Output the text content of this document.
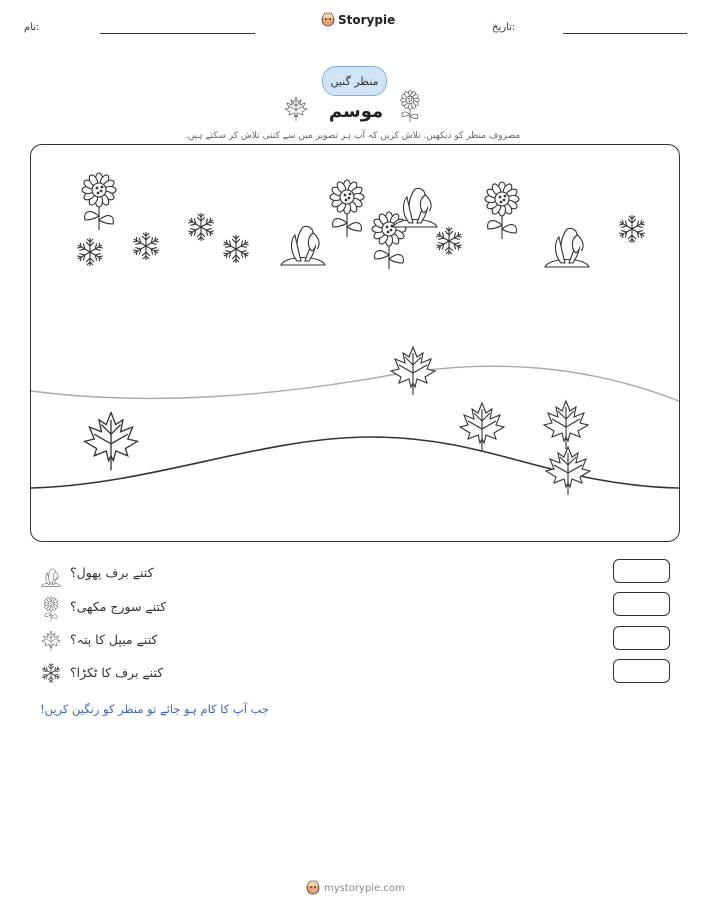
نام:
Storypie
تاریخ:
منظر گنیں
موسم
مصروف منظر کو دیکھیں. تلاش کریں کہ آپ ہر تصویر میں سے کتنی تلاش کر سکتے ہیں.
کتنے برف پھول؟
کتنے سورج مکھی؟
کتنے میپل کا پتہ؟
کتنے برف کا ٹکڑا؟
جب آپ کا کام ہو جائے تو منظر کو رنگین کریں!
mystorypie.com
